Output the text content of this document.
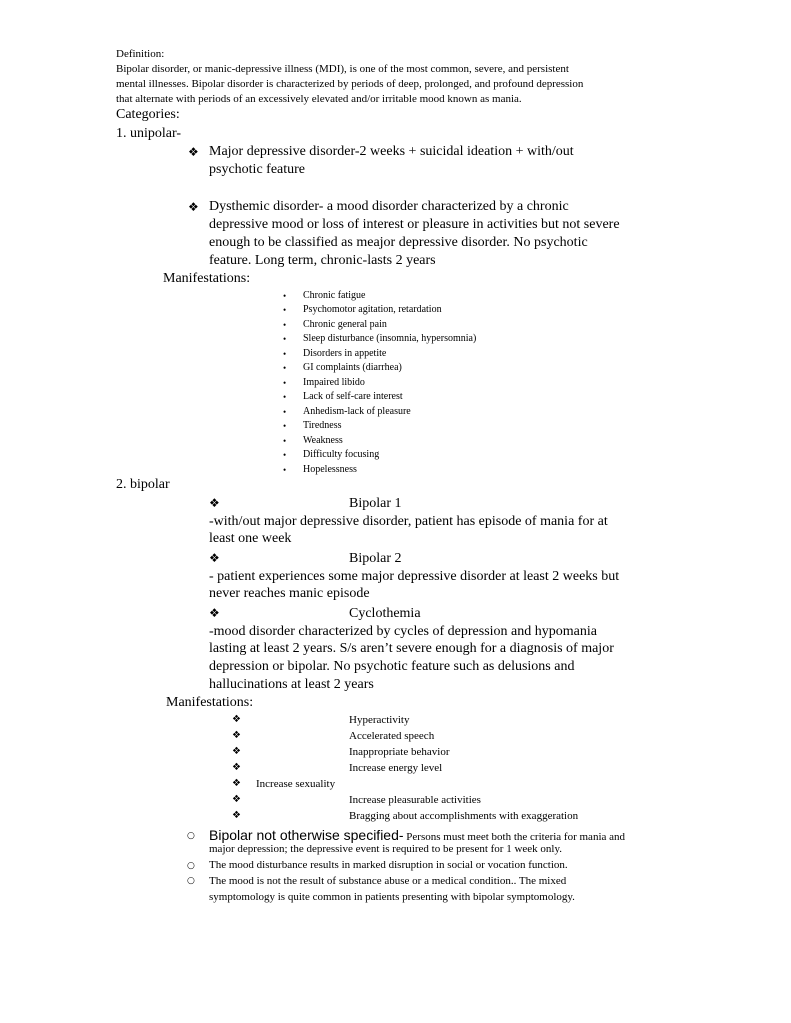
Definition:
Bipolar disorder, or manic-depressive illness (MDI), is one of the most common, severe, and persistent
mental illnesses. Bipolar disorder is characterized by periods of deep, prolonged, and profound depression
that alternate with periods of an excessively elevated and/or irritable mood known as mania.
Categories:
1. unipolar-
❖ Major depressive disorder-2 weeks + suicidal ideation + with/out
psychotic feature
❖ Dysthemic disorder- a mood disorder characterized by a chronic
depressive mood or loss of interest or pleasure in activities but not severe
enough to be classified as meajor depressive disorder. No psychotic
feature. Long term, chronic-lasts 2 years
Manifestations:
• Chronic fatigue
• Psychomotor agitation, retardation
• Chronic general pain
• Sleep disturbance (insomnia, hypersomnia)
• Disorders in appetite
• GI complaints (diarrhea)
• Impaired libido
• Lack of self-care interest
• Anhedism-lack of pleasure
• Tiredness
• Weakness
• Difficulty focusing
• Hopelessness
2. bipolar
❖	Bipolar 1
-with/out major depressive disorder, patient has episode of mania for at
least one week
❖	Bipolar 2
- patient experiences some major depressive disorder at least 2 weeks but
never reaches manic episode
❖	Cyclothemia
-mood disorder characterized by cycles of depression and hypomania
lasting at least 2 years. S/s aren’t severe enough for a diagnosis of major
depression or bipolar. No psychotic feature such as delusions and
hallucinations at least 2 years
Manifestations:
❖	Hyperactivity
❖	Accelerated speech
❖	Inappropriate behavior
❖	Increase energy level
❖ Increase sexuality
❖	Increase pleasurable activities
❖	Bragging about accomplishments with exaggeration
○ Bipolar not otherwise specified- Persons must meet both the criteria for mania and
major depression; the depressive event is required to be present for 1 week only.
○ The mood disturbance results in marked disruption in social or vocation function.
○ The mood is not the result of substance abuse or a medical condition.. The mixed
symptomology is quite common in patients presenting with bipolar symptomology.
